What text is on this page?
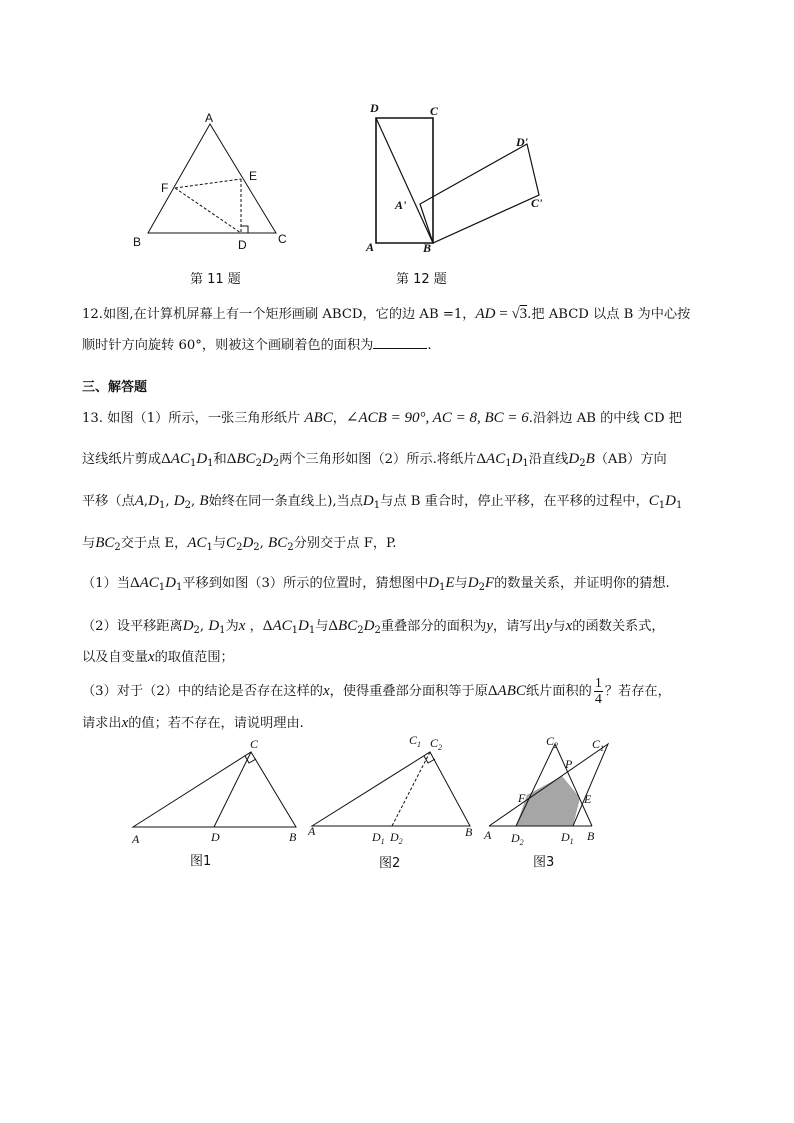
A
E
F
B	D	C
第 11 题
D	C
D'
A'	C'
A	B
第 12 题
12.如图,在计算机屏幕上有一个矩形画刷 ABCD，它的边 AB =1，AD = √3.把 ABCD 以点 B 为中心按
顺时针方向旋转 60°，则被这个画刷着色的面积为	.
三、解答题
13. 如图（1）所示，一张三角形纸片 ABC，∠ACB = 90°, AC = 8, BC = 6.沿斜边 AB 的中线 CD 把
这线纸片剪成$\Delta AC_1D_1$和$\Delta BC_2D_2$两个三角形如图（2）所示.将纸片$\Delta AC_1D_1$沿直线$D_2B(AB)$方向
平移（点$A,D_1$, $D_2$, B始终在同一条直线上),当点$D_1$与点 B 重合时，停止平移，在平移的过程中，$C_1D_1$
与$BC_2$交于点 E，$AC_1$与$C_2D_2$, $BC_2$分别交于点 F，P.
（1）当$\Delta AC_1D_1$平移到如图（3）所示的位置时，猜想图中$D_1E$与$D_2F$的数量关系，并证明你的猜想.
（2）设平移距离$D_2$, $D_1$为x ，$\Delta AC_1D_1$与$\Delta BC_2D_2$重叠部分的面积为y，请写出y与x的函数关系式，
以及自变量x的取值范围；
（3）对于（2）中的结论是否存在这样的x，使得重叠部分面积等于原ΔABC纸片面积的 $\frac{1}{4}$ ？若存在，
请求出x的值；若不存在，请说明理由.
C
A	D	B
图1
$C_1$ $C_2$
A	$D_1$ $D_2$
B
图2
$C_2$	$C_1$
P
F	E
A $D_2$	$D_1$ B
图3
